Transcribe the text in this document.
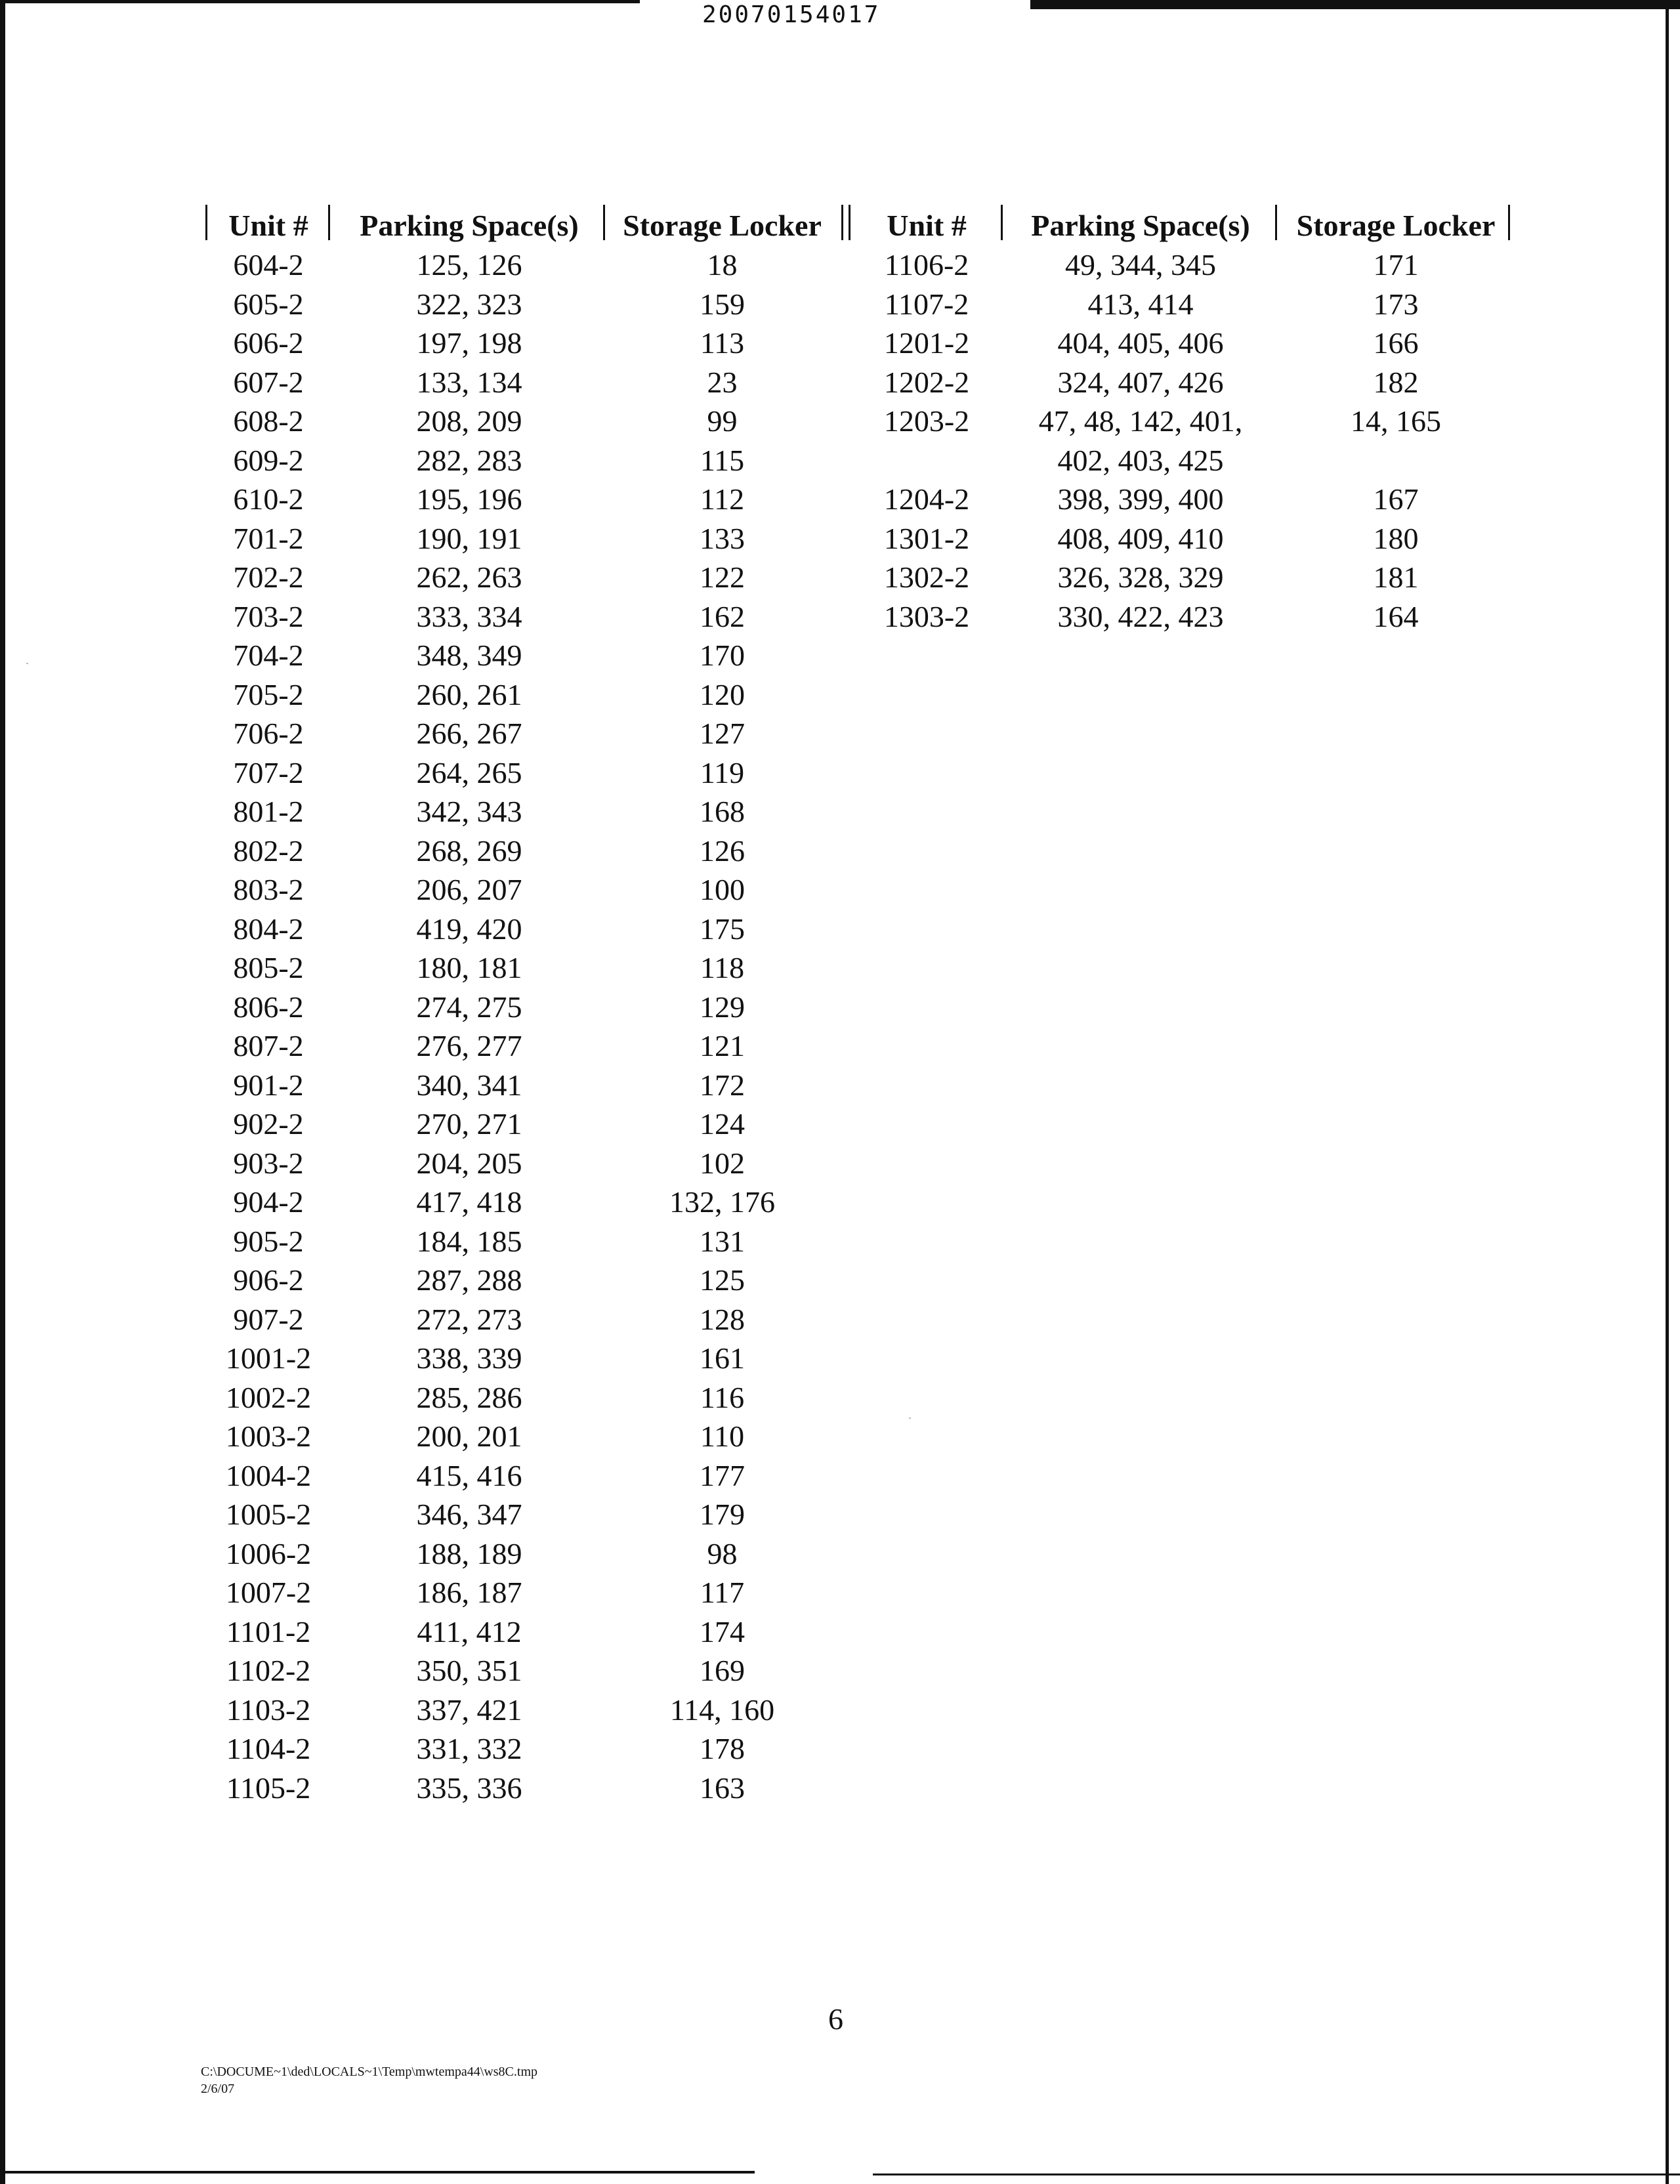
20070154017
Unit #	Parking Space(s)	Storage Locker
604-2	125, 126	18
605-2	322, 323	159
606-2	197, 198	113
607-2	133, 134	23
608-2	208, 209	99
609-2	282, 283	115
610-2	195, 196	112
701-2	190, 191	133
702-2	262, 263	122
703-2	333, 334	162
704-2	348, 349	170
705-2	260, 261	120
706-2	266, 267	127
707-2	264, 265	119
801-2	342, 343	168
802-2	268, 269	126
803-2	206, 207	100
804-2	419, 420	175
805-2	180, 181	118
806-2	274, 275	129
807-2	276, 277	121
901-2	340, 341	172
902-2	270, 271	124
903-2	204, 205	102
904-2	417, 418	132, 176
905-2	184, 185	131
906-2	287, 288	125
907-2	272, 273	128
1001-2	338, 339	161
1002-2	285, 286	116
1003-2	200, 201	110
1004-2	415, 416	177
1005-2	346, 347	179
1006-2	188, 189	98
1007-2	186, 187	117
1101-2	411, 412	174
1102-2	350, 351	169
1103-2	337, 421	114, 160
1104-2	331, 332	178
1105-2	335, 336	163
Unit #	Parking Space(s)	Storage Locker
1106-2	49, 344, 345	171
1107-2	413, 414	173
1201-2	404, 405, 406	166
1202-2	324, 407, 426	182
1203-2	47, 48, 142, 401,	14, 165
402, 403, 425
1204-2	398, 399, 400	167
1301-2	408, 409, 410	180
1302-2	326, 328, 329	181
1303-2	330, 422, 423	164
6
C:\DOCUME~1\ded\LOCALS~1\Temp\mwtempa44\ws8C.tmp
2/6/07
